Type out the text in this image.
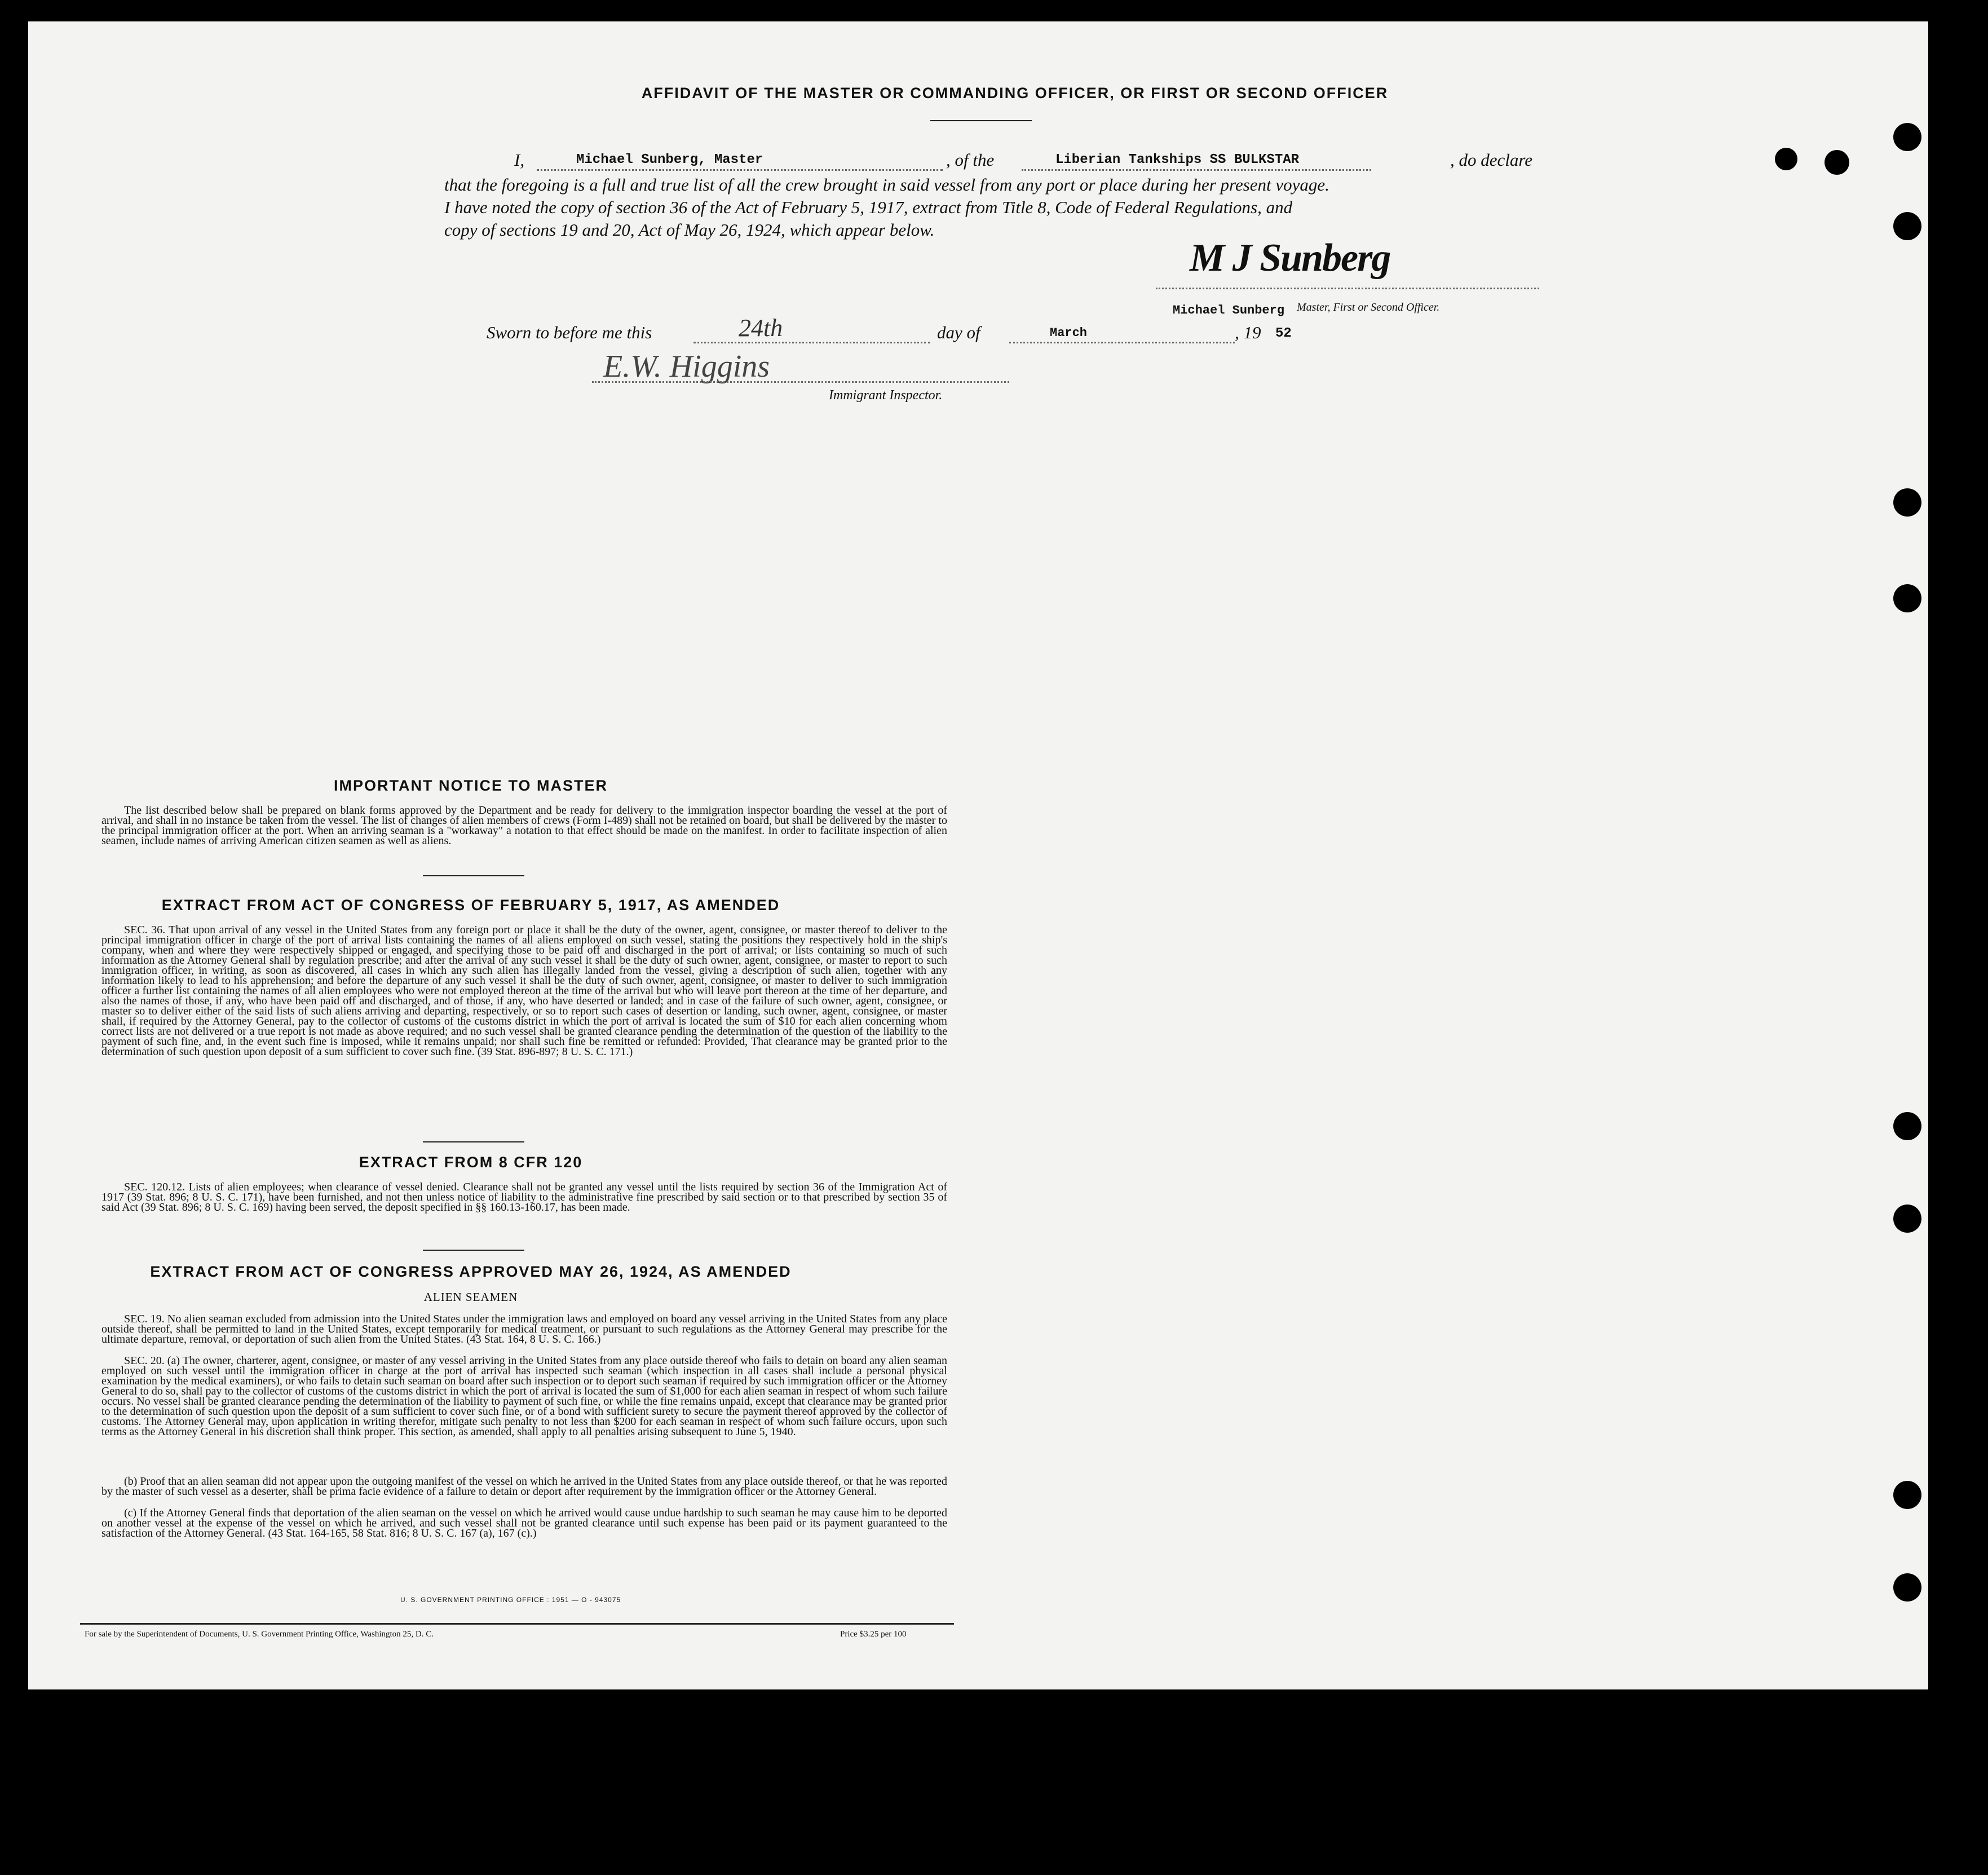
AFFIDAVIT OF THE MASTER OR COMMANDING OFFICER, OR FIRST OR SECOND OFFICER
I,	Michael Sunberg, Master	, of the	Liberian Tankships SS BULKSTAR	, do declare
that the foregoing is a full and true list of all the crew brought in said vessel from any port or place during her present voyage.
I have noted the copy of section 36 of the Act of February 5, 1917, extract from Title 8, Code of Federal Regulations, and
copy of sections 19 and 20, Act of May 26, 1924, which appear below.
M J Sunberg
Michael Sunberg Master, First or Second Officer.
Sworn to before me this	24th	day of	March	, 19 52
E.W. Higgins
Immigrant Inspector.
IMPORTANT NOTICE TO MASTER

The list described below shall be prepared on blank forms approved by the Department and be ready for delivery to the immigration inspector boarding the vessel at the port of arrival, and shall in no instance be taken from the vessel. The list of changes of alien members of crews (Form I-489) shall not be retained on board, but shall be delivered by the master to the principal immigration officer at the port. When an arriving seaman is a "workaway" a notation to that effect should be made on the manifest. In order to facilitate inspection of alien seamen, include names of arriving American citizen seamen as well as aliens.

EXTRACT FROM ACT OF CONGRESS OF FEBRUARY 5, 1917, AS AMENDED

SEC. 36. That upon arrival of any vessel in the United States from any foreign port or place it shall be the duty of the owner, agent, consignee, or master thereof to deliver to the principal immigration officer in charge of the port of arrival lists containing the names of all aliens employed on such vessel, stating the positions they respectively hold in the ship's company, when and where they were respectively shipped or engaged, and specifying those to be paid off and discharged in the port of arrival; or lists containing so much of such information as the Attorney General shall by regulation prescribe; and after the arrival of any such vessel it shall be the duty of such owner, agent, consignee, or master to report to such immigration officer, in writing, as soon as discovered, all cases in which any such alien has illegally landed from the vessel, giving a description of such alien, together with any information likely to lead to his apprehension; and before the departure of any such vessel it shall be the duty of such owner, agent, consignee, or master to deliver to such immigration officer a further list containing the names of all alien employees who were not employed thereon at the time of the arrival but who will leave port thereon at the time of her departure, and also the names of those, if any, who have been paid off and discharged, and of those, if any, who have deserted or landed; and in case of the failure of such owner, agent, consignee, or master so to deliver either of the said lists of such aliens arriving and departing, respectively, or so to report such cases of desertion or landing, such owner, agent, consignee, or master shall, if required by the Attorney General, pay to the collector of customs of the customs district in which the port of arrival is located the sum of $10 for each alien concerning whom correct lists are not delivered or a true report is not made as above required; and no such vessel shall be granted clearance pending the determination of the question of the liability to the payment of such fine, and, in the event such fine is imposed, while it remains unpaid; nor shall such fine be remitted or refunded: Provided, That clearance may be granted prior to the determination of such question upon deposit of a sum sufficient to cover such fine. (39 Stat. 896-897; 8 U. S. C. 171.)

EXTRACT FROM 8 CFR 120

SEC. 120.12. Lists of alien employees; when clearance of vessel denied. Clearance shall not be granted any vessel until the lists required by section 36 of the Immigration Act of 1917 (39 Stat. 896; 8 U. S. C. 171), have been furnished, and not then unless notice of liability to the administrative fine prescribed by said section or to that prescribed by section 35 of said Act (39 Stat. 896; 8 U. S. C. 169) having been served, the deposit specified in §§ 160.13-160.17, has been made.

EXTRACT FROM ACT OF CONGRESS APPROVED MAY 26, 1924, AS AMENDED
ALIEN SEAMEN

SEC. 19. No alien seaman excluded from admission into the United States under the immigration laws and employed on board any vessel arriving in the United States from any place outside thereof, shall be permitted to land in the United States, except temporarily for medical treatment, or pursuant to such regulations as the Attorney General may prescribe for the ultimate departure, removal, or deportation of such alien from the United States. (43 Stat. 164, 8 U. S. C. 166.)

SEC. 20. (a) The owner, charterer, agent, consignee, or master of any vessel arriving in the United States from any place outside thereof who fails to detain on board any alien seaman employed on such vessel until the immigration officer in charge at the port of arrival has inspected such seaman (which inspection in all cases shall include a personal physical examination by the medical examiners), or who fails to detain such seaman on board after such inspection or to deport such seaman if required by such immigration officer or the Attorney General to do so, shall pay to the collector of customs of the customs district in which the port of arrival is located the sum of $1,000 for each alien seaman in respect of whom such failure occurs. No vessel shall be granted clearance pending the determination of the liability to payment of such fine, or while the fine remains unpaid, except that clearance may be granted prior to the determination of such question upon the deposit of a sum sufficient to cover such fine, or of a bond with sufficient surety to secure the payment thereof approved by the collector of customs. The Attorney General may, upon application in writing therefor, mitigate such penalty to not less than $200 for each seaman in respect of whom such failure occurs, upon such terms as the Attorney General in his discretion shall think proper. This section, as amended, shall apply to all penalties arising subsequent to June 5, 1940.

(b) Proof that an alien seaman did not appear upon the outgoing manifest of the vessel on which he arrived in the United States from any place outside thereof, or that he was reported by the master of such vessel as a deserter, shall be prima facie evidence of a failure to detain or deport after requirement by the immigration officer or the Attorney General.

(c) If the Attorney General finds that deportation of the alien seaman on the vessel on which he arrived would cause undue hardship to such seaman he may cause him to be deported on another vessel at the expense of the vessel on which he arrived, and such vessel shall not be granted clearance until such expense has been paid or its payment guaranteed to the satisfaction of the Attorney General. (43 Stat. 164-165, 58 Stat. 816; 8 U. S. C. 167 (a), 167 (c).)

U. S. GOVERNMENT PRINTING OFFICE : 1951 — O - 943075
For sale by the Superintendent of Documents, U. S. Government Printing Office, Washington 25, D. C.	Price $3.25 per 100
